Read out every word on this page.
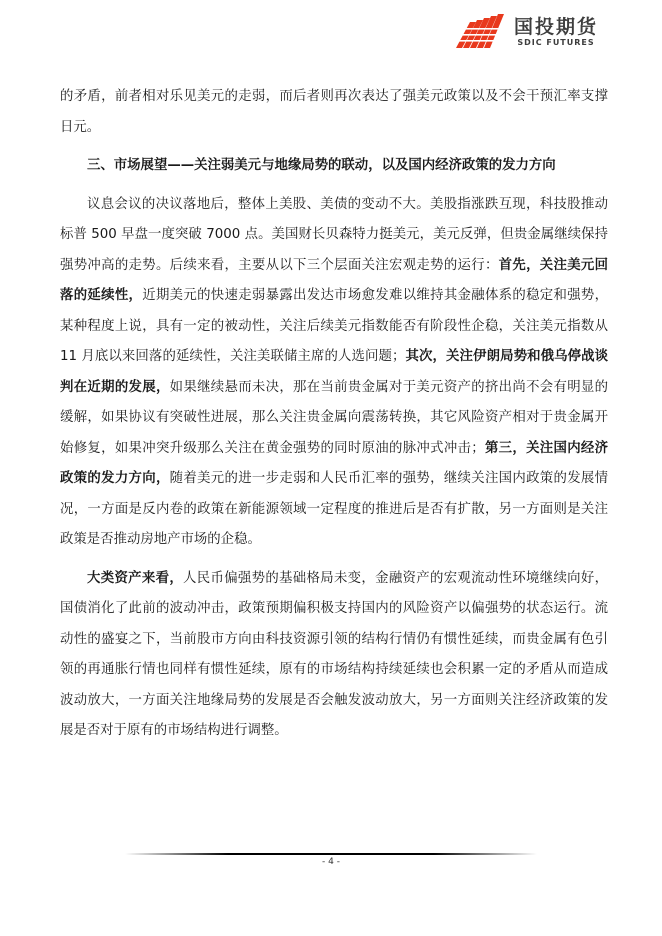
国投期货
SDIC FUTURES

的矛盾，前者相对乐见美元的走弱，而后者则再次表达了强美元政策以及不会干预汇率支撑日元。

三、市场展望——关注弱美元与地缘局势的联动，以及国内经济政策的发力方向

议息会议的决议落地后，整体上美股、美债的变动不大。美股指涨跌互现，科技股推动标普 500 早盘一度突破 7000 点。美国财长贝森特力挺美元，美元反弹，但贵金属继续保持强势冲高的走势。后续来看，主要从以下三个层面关注宏观走势的运行：首先，关注美元回落的延续性，近期美元的快速走弱暴露出发达市场愈发难以维持其金融体系的稳定和强势，某种程度上说，具有一定的被动性，关注后续美元指数能否有阶段性企稳，关注美元指数从 11 月底以来回落的延续性，关注美联储主席的人选问题；其次，关注伊朗局势和俄乌停战谈判在近期的发展，如果继续悬而未决，那在当前贵金属对于美元资产的挤出尚不会有明显的缓解，如果协议有突破性进展，那么关注贵金属向震荡转换，其它风险资产相对于贵金属开始修复，如果冲突升级那么关注在黄金强势的同时原油的脉冲式冲击；第三，关注国内经济政策的发力方向，随着美元的进一步走弱和人民币汇率的强势，继续关注国内政策的发展情况，一方面是反内卷的政策在新能源领域一定程度的推进后是否有扩散，另一方面则是关注政策是否推动房地产市场的企稳。

大类资产来看，人民币偏强势的基础格局未变，金融资产的宏观流动性环境继续向好，国债消化了此前的波动冲击，政策预期偏积极支持国内的风险资产以偏强势的状态运行。流动性的盛宴之下，当前股市方向由科技资源引领的结构行情仍有惯性延续，而贵金属有色引领的再通胀行情也同样有惯性延续，原有的市场结构持续延续也会积累一定的矛盾从而造成波动放大，一方面关注地缘局势的发展是否会触发波动放大，另一方面则关注经济政策的发展是否对于原有的市场结构进行调整。

- 4 -
